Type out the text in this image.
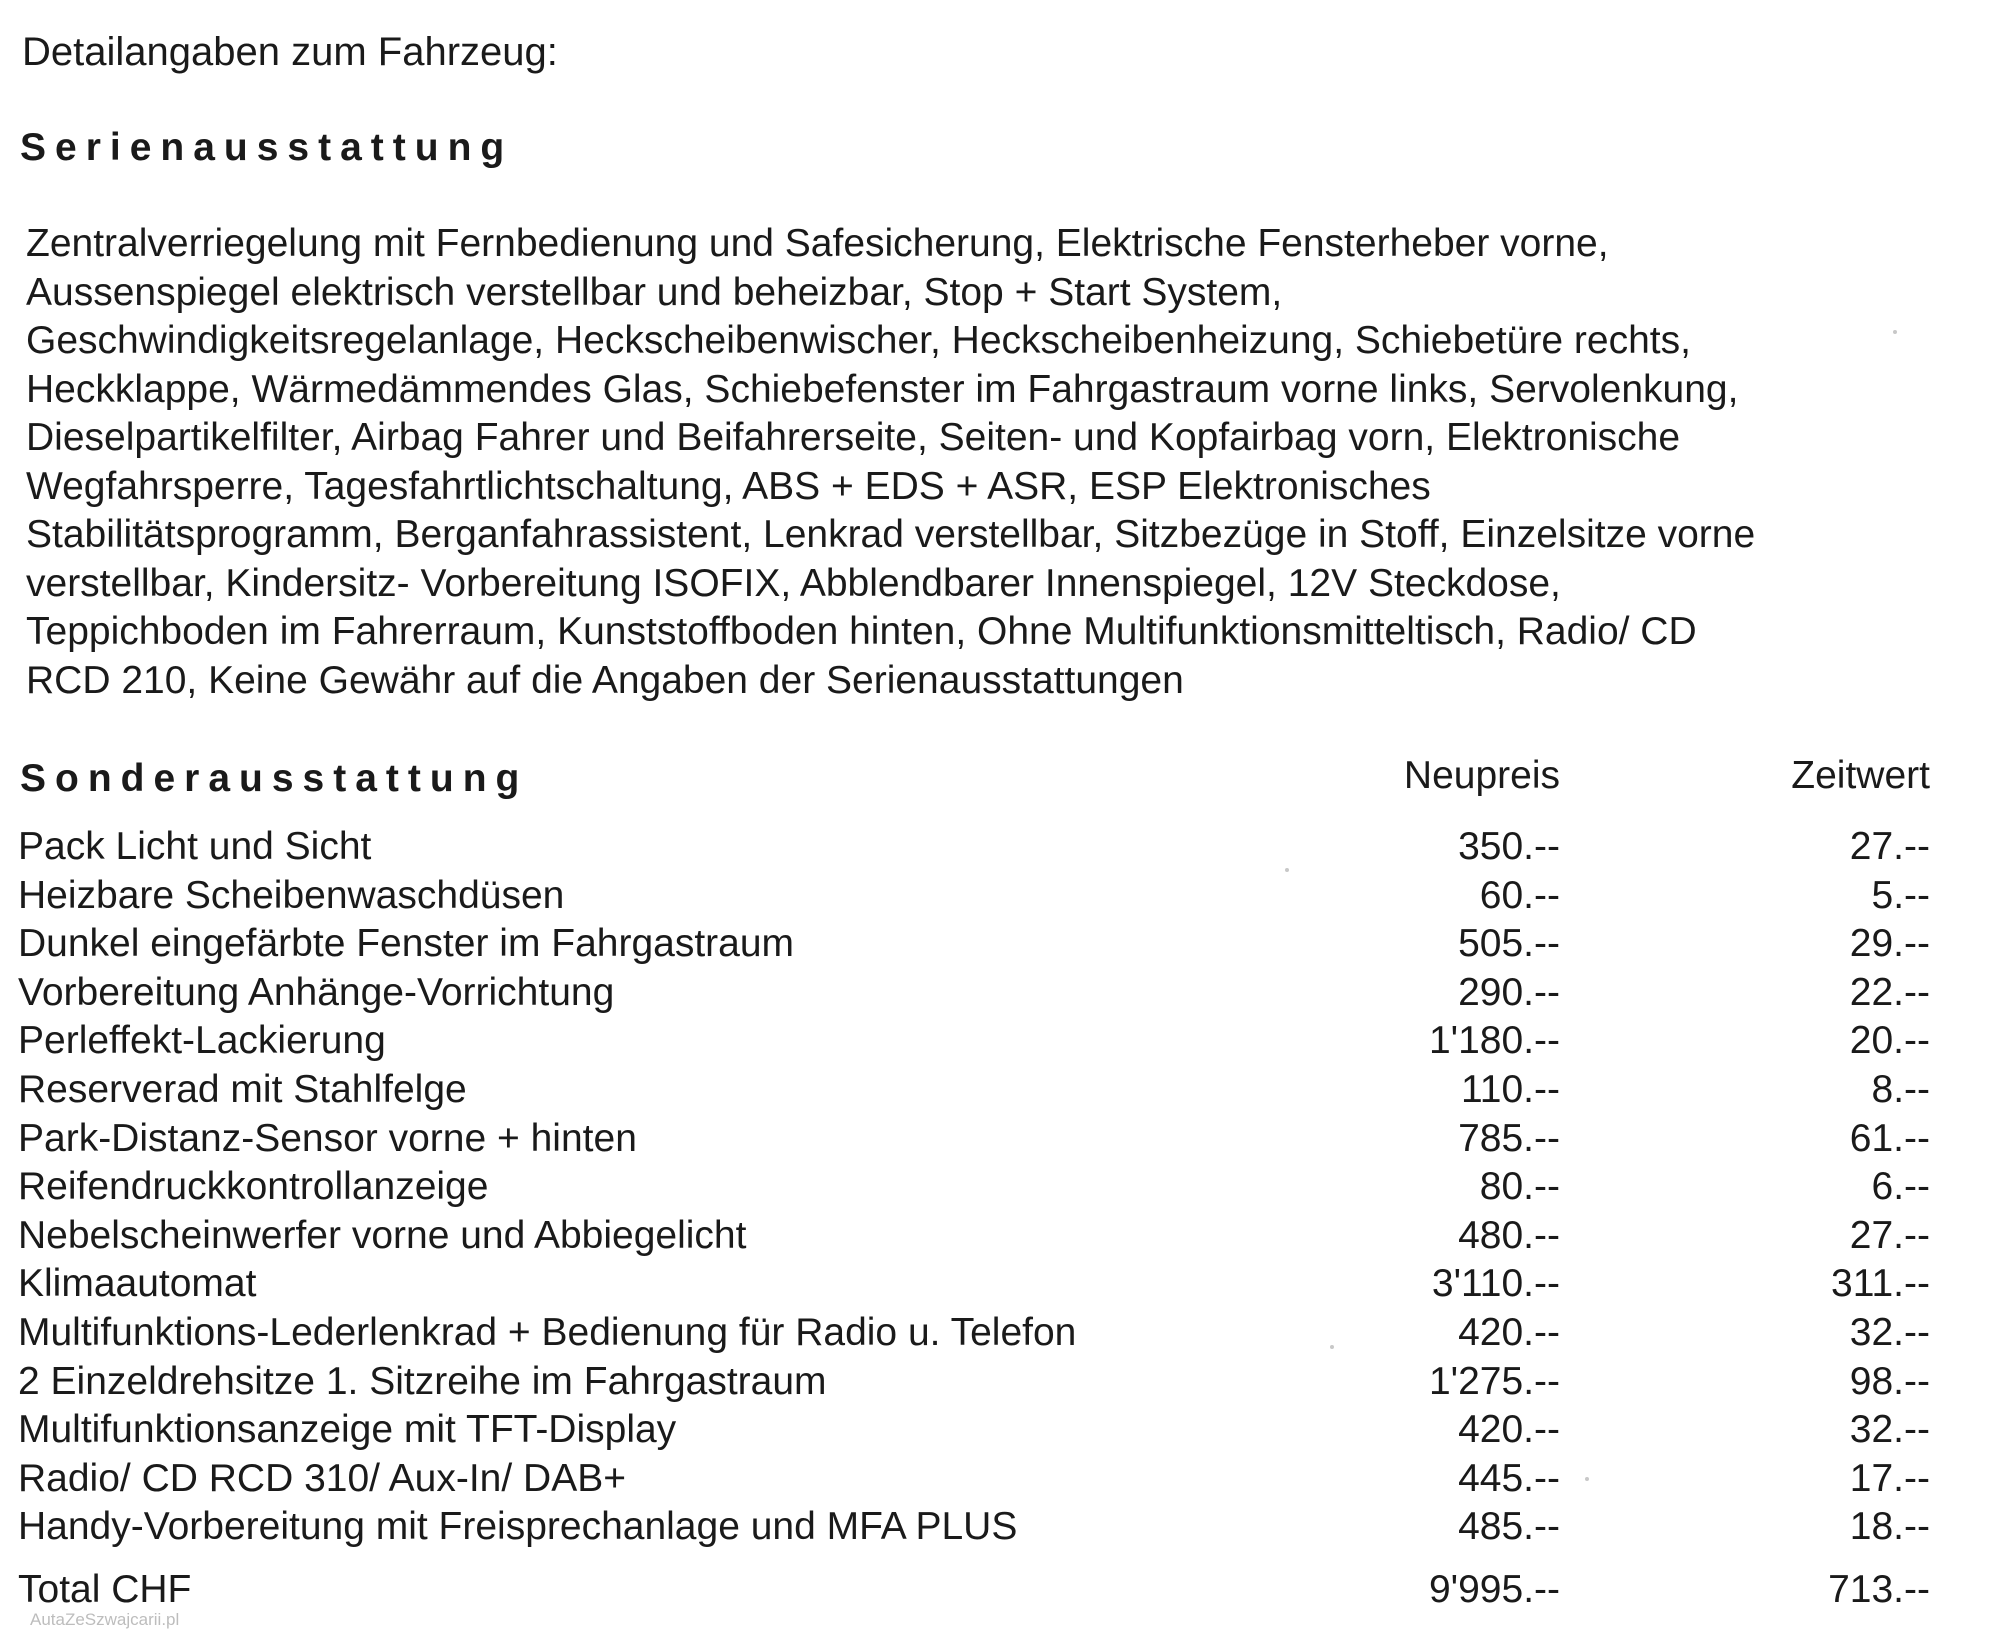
Detailangaben zum Fahrzeug:
Serienausstattung
Zentralverriegelung mit Fernbedienung und Safesicherung, Elektrische Fensterheber vorne,
Aussenspiegel elektrisch verstellbar und beheizbar, Stop + Start System,
Geschwindigkeitsregelanlage, Heckscheibenwischer, Heckscheibenheizung, Schiebetüre rechts,
Heckklappe, Wärmedämmendes Glas, Schiebefenster im Fahrgastraum vorne links, Servolenkung,
Dieselpartikelfilter, Airbag Fahrer und Beifahrerseite, Seiten- und Kopfairbag vorn, Elektronische
Wegfahrsperre, Tagesfahrtlichtschaltung, ABS + EDS + ASR, ESP Elektronisches
Stabilitätsprogramm, Berganfahrassistent, Lenkrad verstellbar, Sitzbezüge in Stoff, Einzelsitze vorne
verstellbar, Kindersitz- Vorbereitung ISOFIX, Abblendbarer Innenspiegel, 12V Steckdose,
Teppichboden im Fahrerraum, Kunststoffboden hinten, Ohne Multifunktionsmitteltisch, Radio/ CD
RCD 210, Keine Gewähr auf die Angaben der Serienausstattungen
Sonderausstattung	Neupreis	Zeitwert
Pack Licht und Sicht	350.--	27.--
Heizbare Scheibenwaschdüsen	60.--	5.--
Dunkel eingefärbte Fenster im Fahrgastraum	505.--	29.--
Vorbereitung Anhänge-Vorrichtung	290.--	22.--
Perleffekt-Lackierung	1'180.--	20.--
Reserverad mit Stahlfelge	110.--	8.--
Park-Distanz-Sensor vorne + hinten	785.--	61.--
Reifendruckkontrollanzeige	80.--	6.--
Nebelscheinwerfer vorne und Abbiegelicht	480.--	27.--
Klimaautomat	3'110.--	311.--
Multifunktions-Lederlenkrad + Bedienung für Radio u. Telefon	420.--	32.--
2 Einzeldrehsitze 1. Sitzreihe im Fahrgastraum	1'275.--	98.--
Multifunktionsanzeige mit TFT-Display	420.--	32.--
Radio/ CD RCD 310/ Aux-In/ DAB+	445.--	17.--
Handy-Vorbereitung mit Freisprechanlage und MFA PLUS	485.--	18.--
Total CHF	9'995.--	713.--
AutaZeSzwajcarii.pl
